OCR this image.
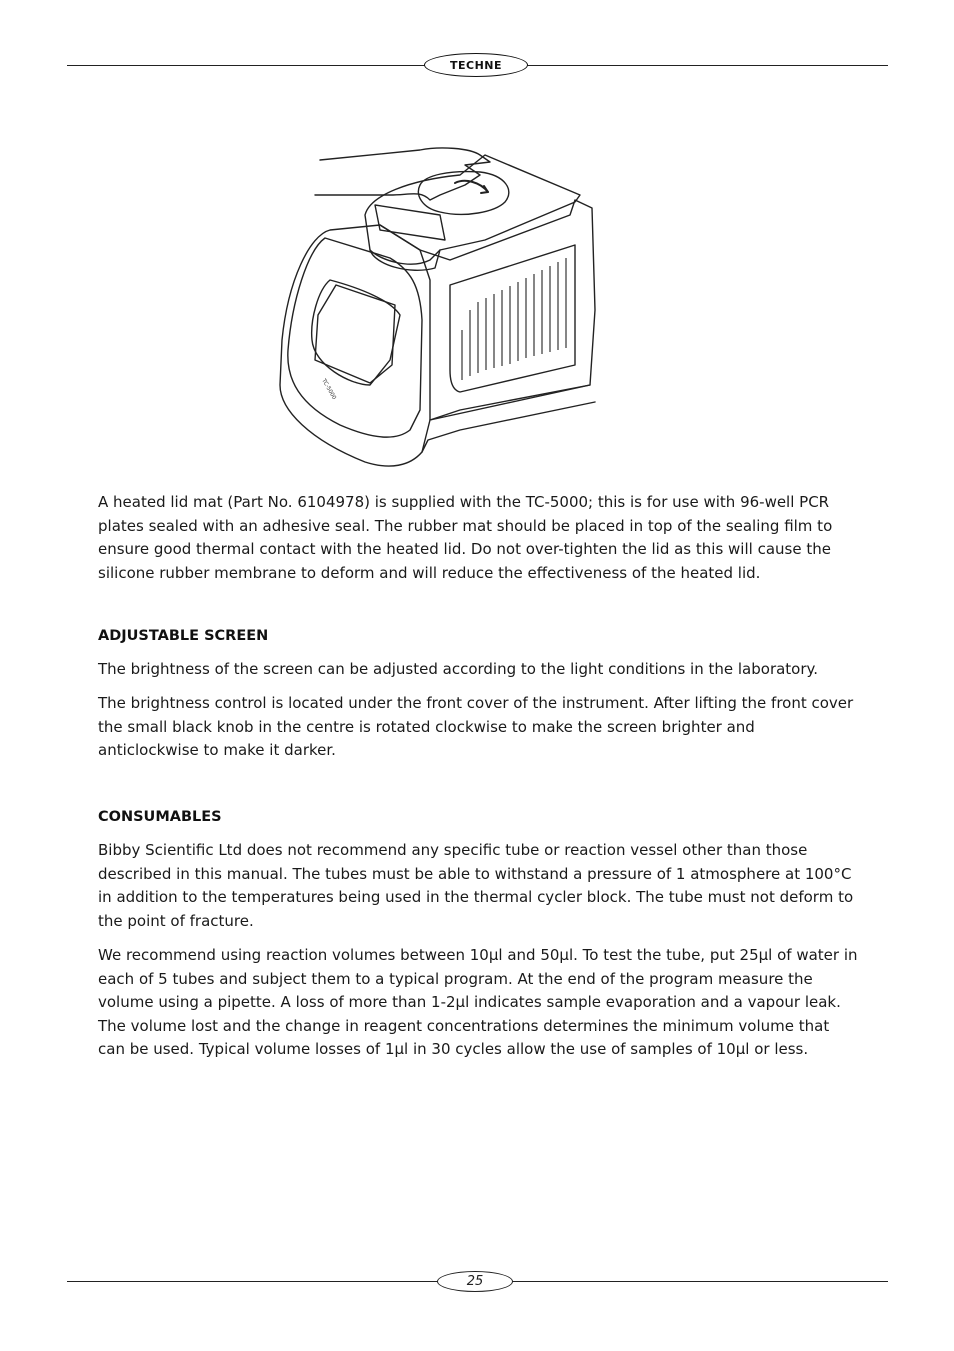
TECHNE
TC-5000

A heated lid mat (Part No. 6104978) is supplied with the TC-5000; this is for use with 96-well PCR plates sealed with an adhesive seal. The rubber mat should be placed in top of the sealing film to ensure good thermal contact with the heated lid. Do not over-tighten the lid as this will cause the silicone rubber membrane to deform and will reduce the effectiveness of the heated lid.

ADJUSTABLE SCREEN

The brightness of the screen can be adjusted according to the light conditions in the laboratory.

The brightness control is located under the front cover of the instrument. After lifting the front cover the small black knob in the centre is rotated clockwise to make the screen brighter and anticlockwise to make it darker.

CONSUMABLES

Bibby Scientific Ltd does not recommend any specific tube or reaction vessel other than those described in this manual. The tubes must be able to withstand a pressure of 1 atmosphere at 100°C in addition to the temperatures being used in the thermal cycler block. The tube must not deform to the point of fracture.

We recommend using reaction volumes between 10µl and 50µl. To test the tube, put 25µl of water in each of 5 tubes and subject them to a typical program. At the end of the program measure the volume using a pipette. A loss of more than 1-2µl indicates sample evaporation and a vapour leak. The volume lost and the change in reagent concentrations determines the minimum volume that can be used. Typical volume losses of 1µl in 30 cycles allow the use of samples of 10µl or less.

25
